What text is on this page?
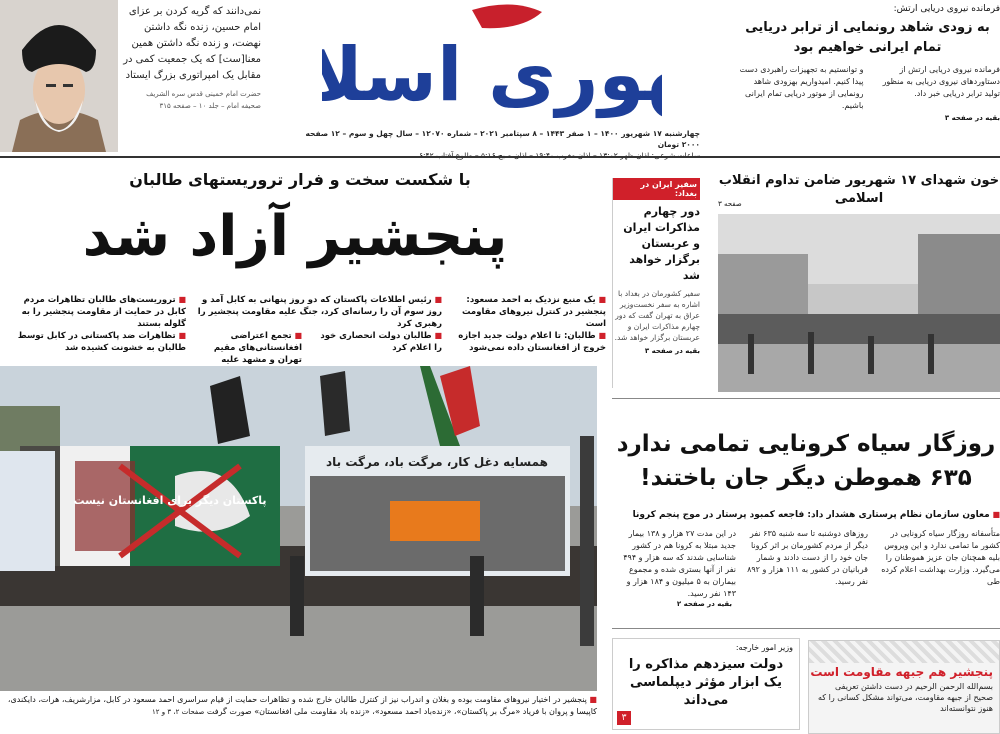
نمی‌دانند که گریه کردن بر عزای امام حسین، زنده نگه داشتن نهضت، و زنده نگه داشتن همین معنا[ست] که یک جمعیت کمی در مقابل یک امپراتوری بزرگ ایستاد

حضرت امام خمینی قدس سره الشریف

صحیفه امام – جلد ۱۰ – صفحه ۳۱۵	وری اسل
چهارشنبه ۱۷ شهریور ۱۴۰۰ – ۱ صفر ۱۴۴۳ – ۸ سپتامبر ۲۰۲۱ – شماره ۱۲۰۷۰ – سال چهل و سوم – ۱۲ صفحه ۲۰۰۰ تومان
فرمانده نیروی دریایی ارتش:
به زودی شاهد رونمایی از ترابر دریایی تمام ایرانی خواهیم بود

فرمانده نیروی دریایی ارتش از دستاوردهای نیروی دریایی به منظور تولید ترابر دریایی خبر داد.

و توانستیم به تجهیزات راهبردی دست پیدا کنیم. امیدواریم بهزودی شاهد رونمایی از موتور دریایی تمام ایرانی باشیم.

بقیه در صفحه ۳
با شکست سخت و فرار تروریستهای طالبان
پنجشیر آزاد شد
■ یک منبع نزدیک به احمد مسعود: پنجشیر در کنترل نیروهای مقاومت است
■ رئیس اطلاعات پاکستان که دو روز پنهانی به کابل آمد و روز سوم آن را رسانه‌ای کرد، جنگ علیه مقاومت پنجشیر را رهبری کرد
■ تروریست‌های طالبان تظاهرات مردم کابل در حمایت از مقاومت پنجشیر را به گلوله بستند
■ طالبان: تا اعلام دولت جدید اجازه خروج از افغانستان داده نمی‌شود
■ طالبان دولت انحصاری خود را اعلام کرد
■ تجمع اعتراضی افغانستانی‌های مقیم تهران و مشهد علیه
■ تظاهرات ضد پاکستانی در کابل توسط طالبان به خشونت کشیده شد
پاکستان دیگر برای افغانستان نیست
همسایه دغل کار، مرگت باد، مرگت باد
■ پنجشیر در اختیار نیروهای مقاومت بوده و بغلان و اندراب نیز از کنترل طالبان خارج شده و تظاهرات حمایت از قیام سراسری احمد مسعود در کابل، مزارشریف، هرات، دایکندی، کاپیسا و پروان با فریاد «مرگ بر پاکستان»، «زنده‌باد احمد مسعود»، «زنده باد مقاومت ملی افغانستان» صورت گرفت صفحات ۲، ۳ و ۱۲
سفیر ایران در بغداد:
دور چهارم مذاکرات ایران و عربستان برگزار خواهد شد

سفیر کشورمان در بغداد با اشاره به سفر نخست‌وزیر عراق به تهران گفت که دور چهارم مذاکرات ایران و عربستان برگزار خواهد شد.

بقیه در صفحه ۳
خون شهدای ۱۷ شهریور ضامن تداوم انقلاب اسلامی
صفحه ۳
روزگار سیاه کرونایی تمامی ندارد
۶۳۵ هموطن دیگر جان باختند!
■ معاون سازمان نظام پرستاری هشدار داد: فاجعه کمبود پرستار در موج پنجم کرونا
متأسفانه روزگار سیاه کرونایی در کشور ما تمامی ندارد و این ویروس بلیه همچنان جان عزیز هموطنان را می‌گیرد. وزارت بهداشت اعلام کرده طی
روزهای دوشنبه تا سه شنبه ۶۳۵ نفر دیگر از مردم کشورمان بر اثر کرونا جان خود را از دست دادند و شمار قربانیان در کشور به ۱۱۱ هزار و ۸۹۲ نفر رسید.
در این مدت ۲۷ هزار و ۱۳۸ بیمار جدید مبتلا به کرونا هم در کشور شناسایی شدند که سه هزار و ۴۹۴ نفر از آنها بستری شده و مجموع بیماران به ۵ میلیون و ۱۸۴ هزار و ۱۴۳ نفر رسید.
بقیه در صفحه ۲
وزیر امور خارجه:
دولت سیزدهم مذاکره را یک ابزار مؤثر دیپلماسی می‌داند
۳
پنجشیر هم جبهه مقاومت است

بسم‌الله الرحمن الرحیم در دست داشتن تعریفی صحیح از جبهه مقاومت، می‌تواند مشکل کسانی را که هنوز نتوانسته‌اند
